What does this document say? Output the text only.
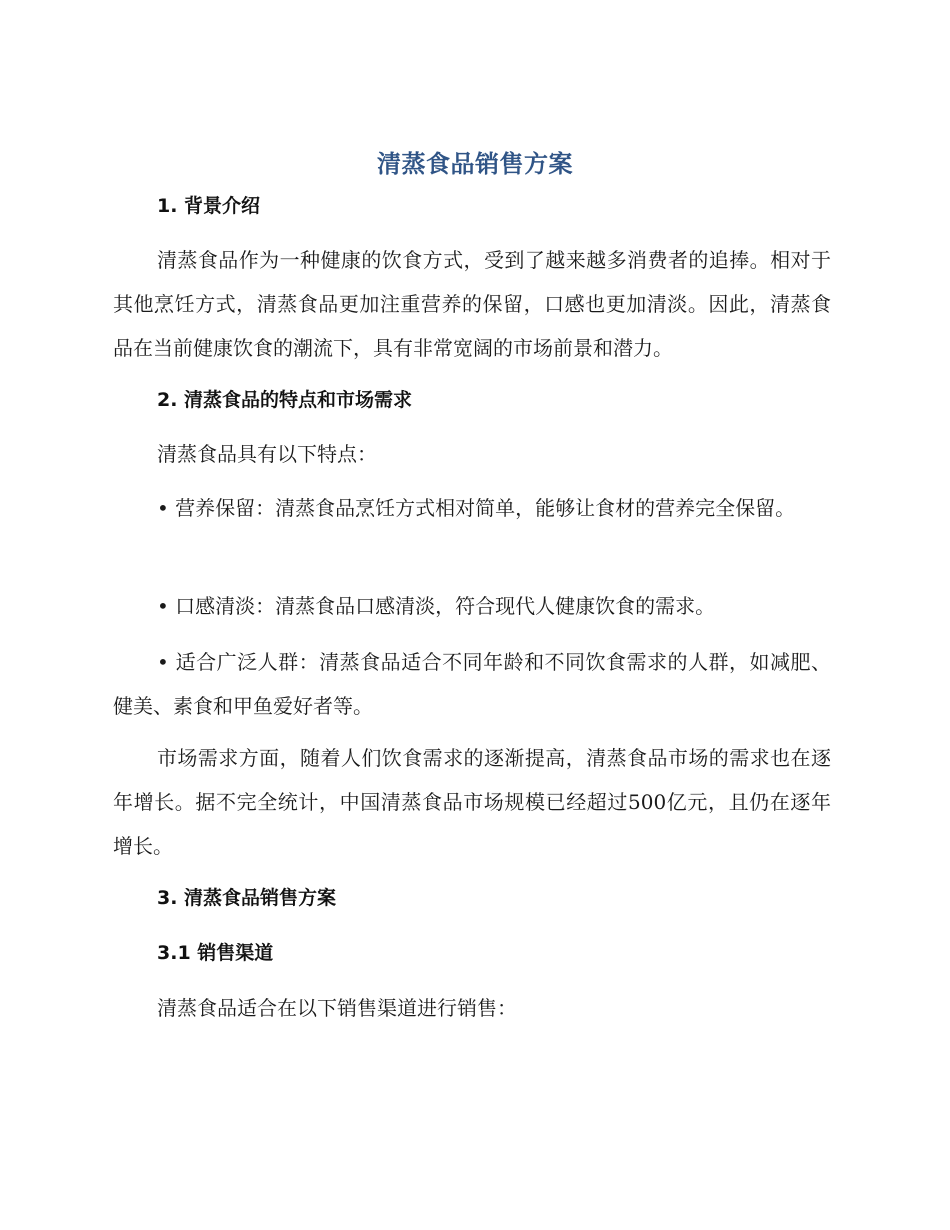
清蒸食品销售方案
1. 背景介绍
清蒸食品作为一种健康的饮食方式，受到了越来越多消费者的追捧。相对于其他烹饪方式，清蒸食品更加注重营养的保留，口感也更加清淡。因此，清蒸食品在当前健康饮食的潮流下，具有非常宽阔的市场前景和潜力。
2. 清蒸食品的特点和市场需求
清蒸食品具有以下特点：
• 营养保留：清蒸食品烹饪方式相对简单，能够让食材的营养完全保留。
• 口感清淡：清蒸食品口感清淡，符合现代人健康饮食的需求。
• 适合广泛人群：清蒸食品适合不同年龄和不同饮食需求的人群，如减肥、健美、素食和甲鱼爱好者等。
市场需求方面，随着人们饮食需求的逐渐提高，清蒸食品市场的需求也在逐年增长。据不完全统计，中国清蒸食品市场规模已经超过500亿元，且仍在逐年增长。
3. 清蒸食品销售方案
3.1 销售渠道
清蒸食品适合在以下销售渠道进行销售：
